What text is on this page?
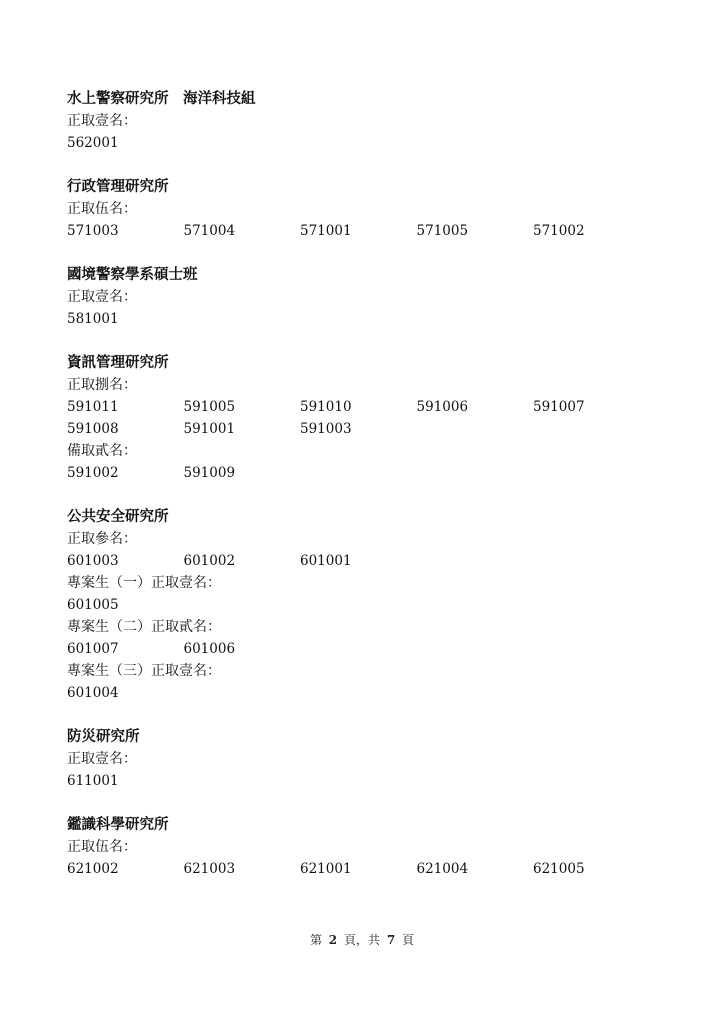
水上警察研究所　海洋科技組
正取壹名：
562001
行政管理研究所
正取伍名：
571003	571004	571001	571005	571002
國境警察學系碩士班
正取壹名：
581001
資訊管理研究所
正取捌名：
591011	591005	591010	591006	591007
591008	591001	591003
備取貳名：
591002	591009
公共安全研究所
正取參名：
601003	601002	601001
專案生（一）正取壹名：
601005
專案生（二）正取貳名：
601007	601006
專案生（三）正取壹名：
601004
防災研究所
正取壹名：
611001
鑑識科學研究所
正取伍名：
621002	621003	621001	621004	621005
第 2 頁，共 7 頁
